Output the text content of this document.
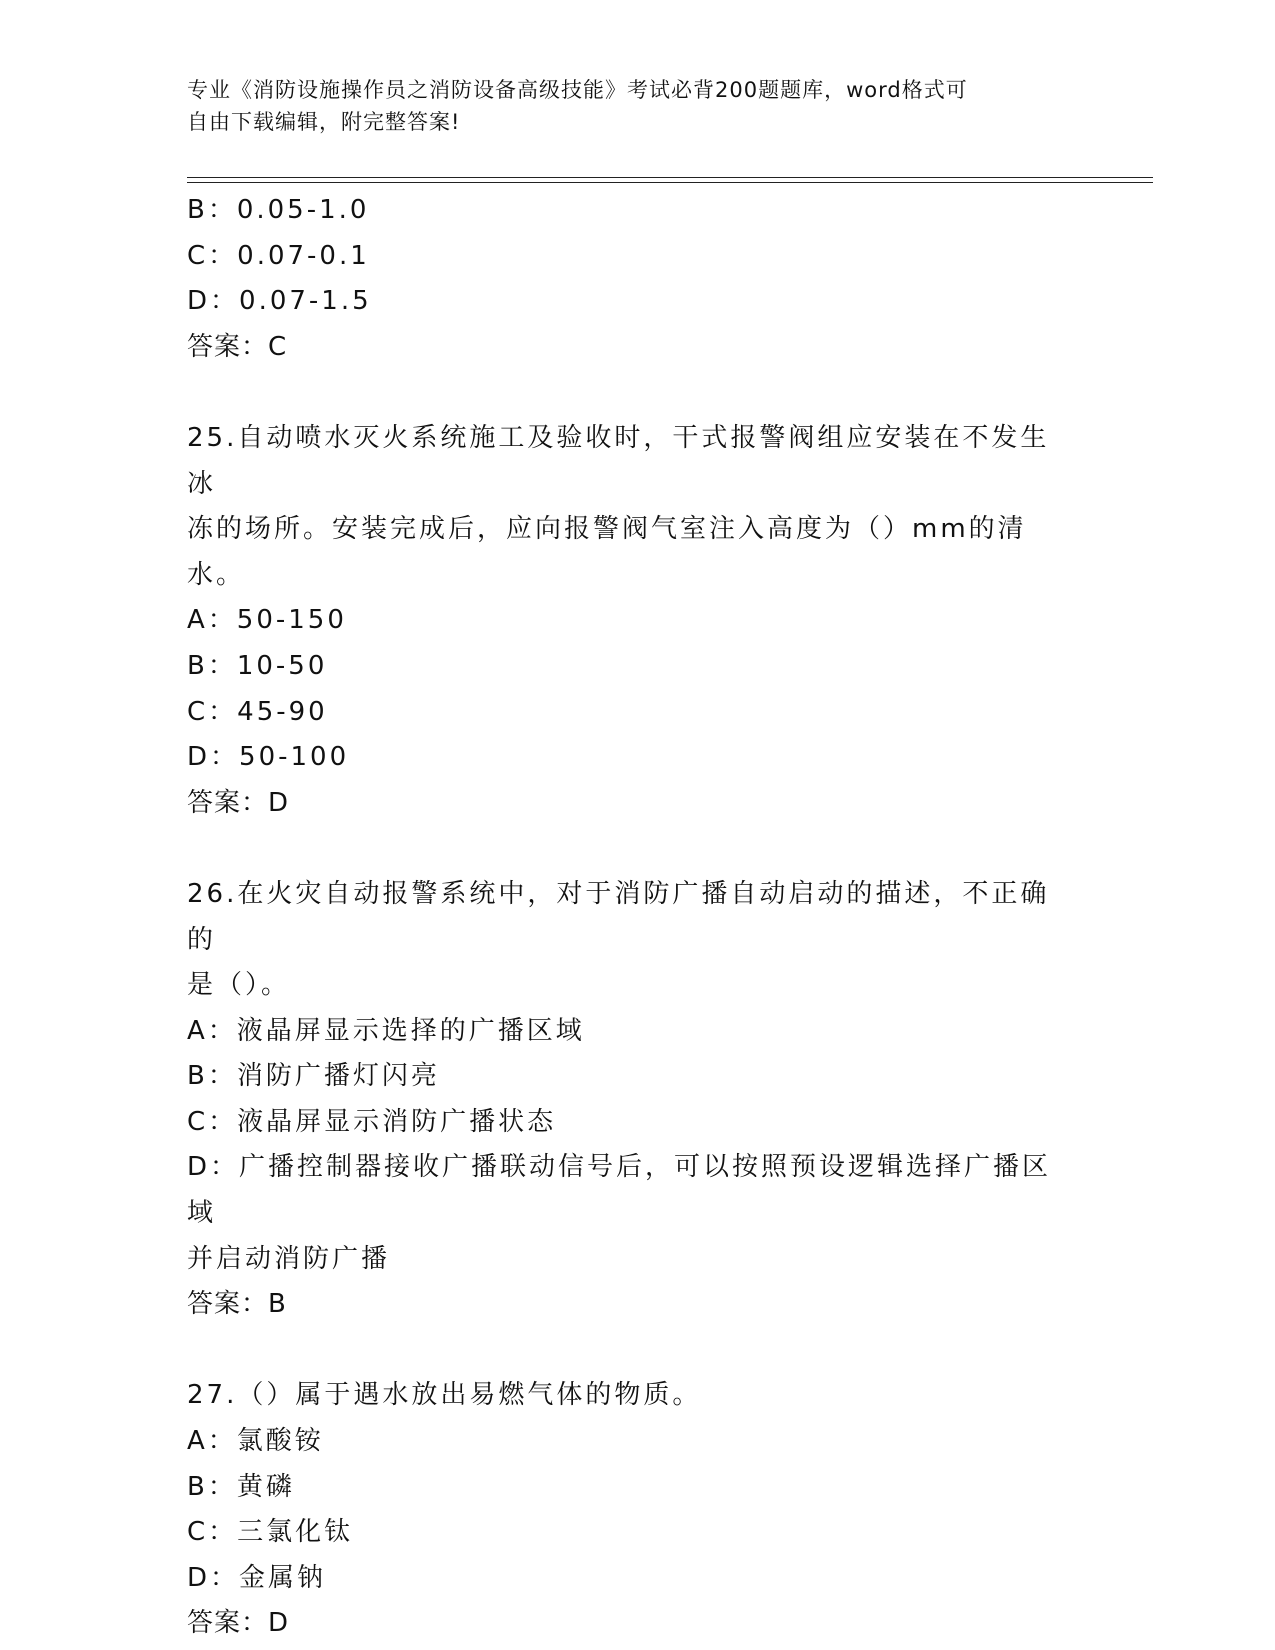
专业《消防设施操作员之消防设备高级技能》考试必背200题题库，word格式可
自由下载编辑，附完整答案!
B：0.05-1.0
C：0.07-0.1
D：0.07-1.5
答案：C
25.自动喷水灭火系统施工及验收时，干式报警阀组应安装在不发生冰
冻的场所。安装完成后，应向报警阀气室注入高度为（）mm的清水。
A：50-150
B：10-50
C：45-90
D：50-100
答案：D
26.在火灾自动报警系统中，对于消防广播自动启动的描述，不正确的
是（）。
A：液晶屏显示选择的广播区域
B：消防广播灯闪亮
C：液晶屏显示消防广播状态
D：广播控制器接收广播联动信号后，可以按照预设逻辑选择广播区域
并启动消防广播
答案：B
27.（）属于遇水放出易燃气体的物质。
A：氯酸铵
B：黄磷
C：三氯化钛
D：金属钠
答案：D
